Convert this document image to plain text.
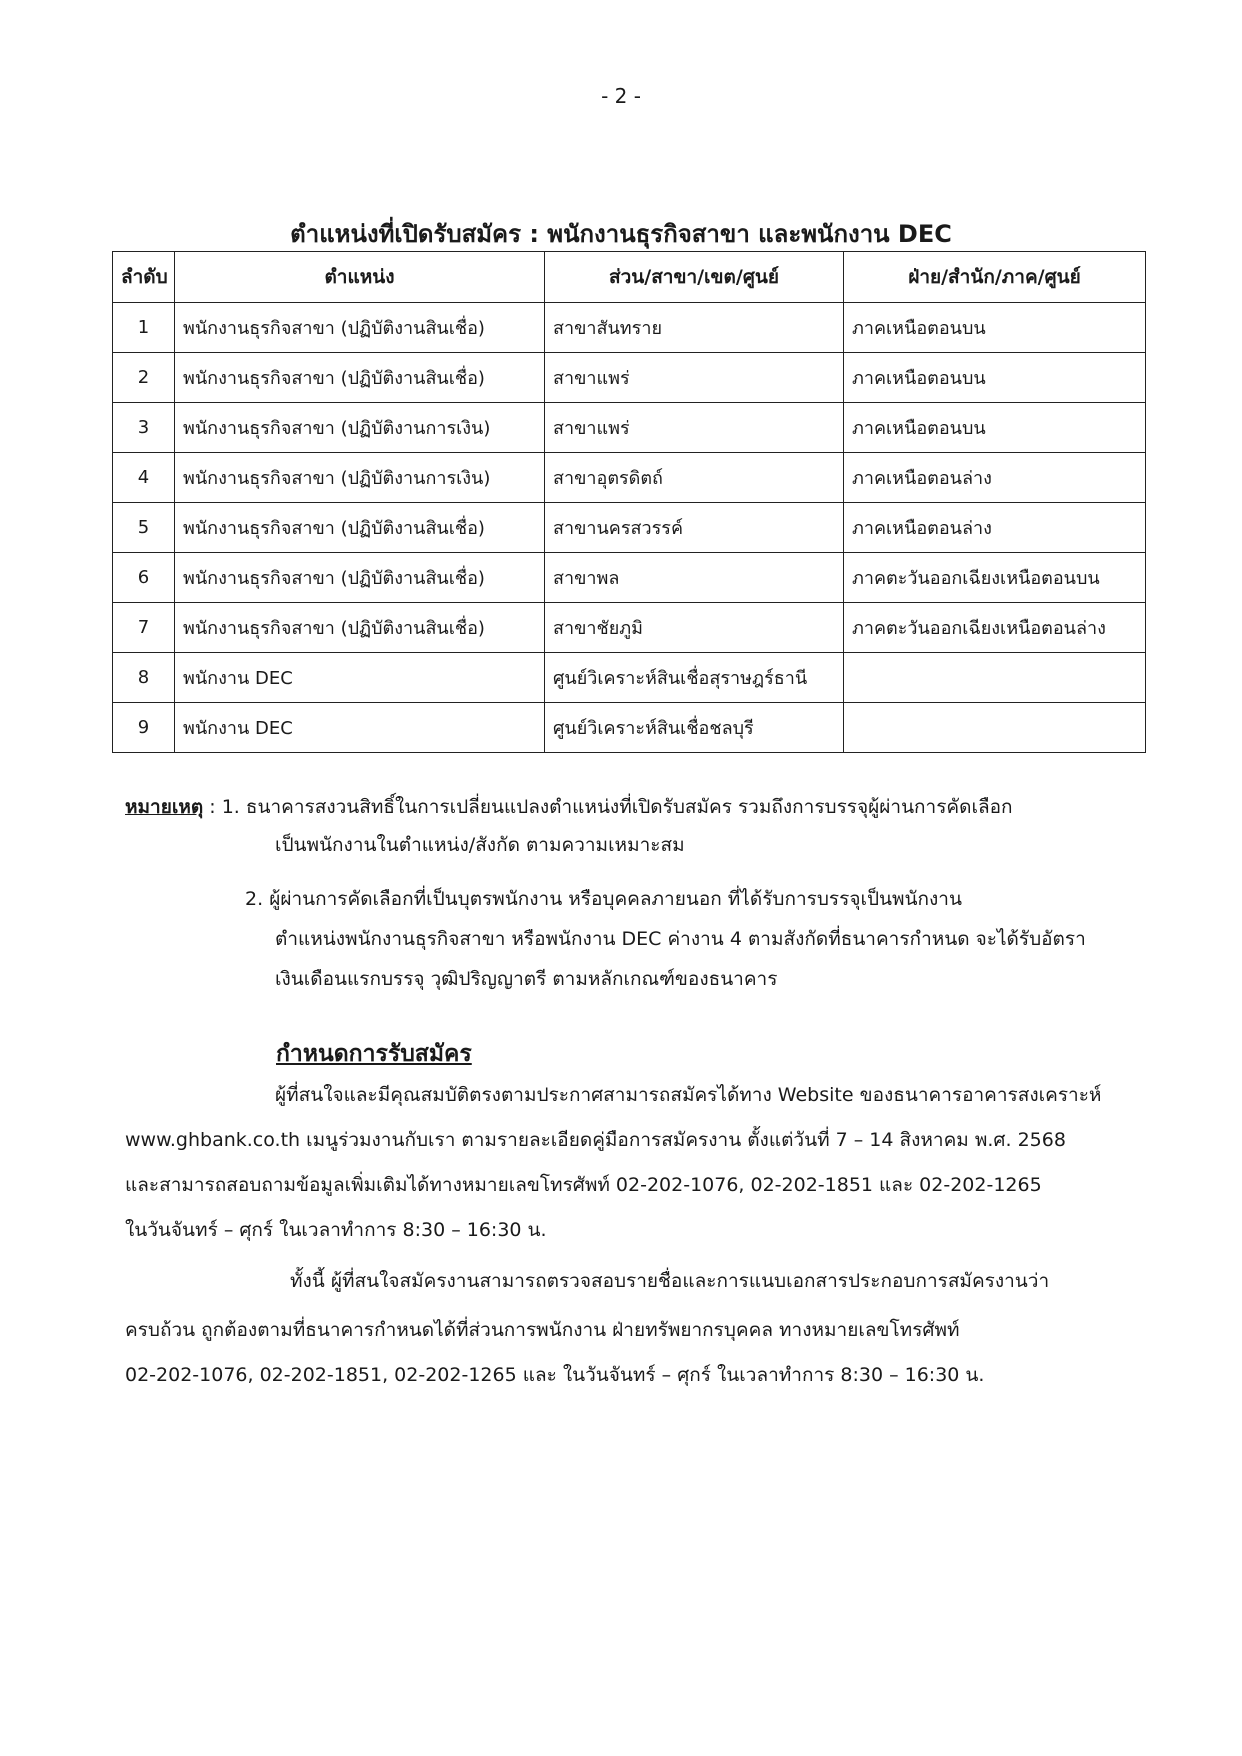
- 2 -
ตำแหน่งที่เปิดรับสมัคร : พนักงานธุรกิจสาขา และพนักงาน DEC
ลำดับ	ตำแหน่ง	ส่วน/สาขา/เขต/ศูนย์	ฝ่าย/สำนัก/ภาค/ศูนย์
1	พนักงานธุรกิจสาขา (ปฏิบัติงานสินเชื่อ)	สาขาสันทราย	ภาคเหนือตอนบน
2	พนักงานธุรกิจสาขา (ปฏิบัติงานสินเชื่อ)	สาขาแพร่	ภาคเหนือตอนบน
3	พนักงานธุรกิจสาขา (ปฏิบัติงานการเงิน)	สาขาแพร่	ภาคเหนือตอนบน
4	พนักงานธุรกิจสาขา (ปฏิบัติงานการเงิน)	สาขาอุตรดิตถ์	ภาคเหนือตอนล่าง
5	พนักงานธุรกิจสาขา (ปฏิบัติงานสินเชื่อ)	สาขานครสวรรค์	ภาคเหนือตอนล่าง
6	พนักงานธุรกิจสาขา (ปฏิบัติงานสินเชื่อ)	สาขาพล	ภาคตะวันออกเฉียงเหนือตอนบน
7	พนักงานธุรกิจสาขา (ปฏิบัติงานสินเชื่อ)	สาขาชัยภูมิ	ภาคตะวันออกเฉียงเหนือตอนล่าง
8	พนักงาน DEC	ศูนย์วิเคราะห์สินเชื่อสุราษฎร์ธานี	
9	พนักงาน DEC	ศูนย์วิเคราะห์สินเชื่อชลบุรี	
หมายเหตุ : 1. ธนาคารสงวนสิทธิ์ในการเปลี่ยนแปลงตำแหน่งที่เปิดรับสมัคร รวมถึงการบรรจุผู้ผ่านการคัดเลือก
เป็นพนักงานในตำแหน่ง/สังกัด ตามความเหมาะสม
2. ผู้ผ่านการคัดเลือกที่เป็นบุตรพนักงาน หรือบุคคลภายนอก ที่ได้รับการบรรจุเป็นพนักงาน
ตำแหน่งพนักงานธุรกิจสาขา หรือพนักงาน DEC ค่างาน 4 ตามสังกัดที่ธนาคารกำหนด จะได้รับอัตรา
เงินเดือนแรกบรรจุ วุฒิปริญญาตรี ตามหลักเกณฑ์ของธนาคาร
กำหนดการรับสมัคร
ผู้ที่สนใจและมีคุณสมบัติตรงตามประกาศสามารถสมัครได้ทาง Website ของธนาคารอาคารสงเคราะห์
www.ghbank.co.th เมนูร่วมงานกับเรา ตามรายละเอียดคู่มือการสมัครงาน ตั้งแต่วันที่ 7 – 14 สิงหาคม พ.ศ. 2568
และสามารถสอบถามข้อมูลเพิ่มเติมได้ทางหมายเลขโทรศัพท์ 02-202-1076, 02-202-1851 และ 02-202-1265
ในวันจันทร์ – ศุกร์ ในเวลาทำการ 8:30 – 16:30 น.
ทั้งนี้ ผู้ที่สนใจสมัครงานสามารถตรวจสอบรายชื่อและการแนบเอกสารประกอบการสมัครงานว่า
ครบถ้วน ถูกต้องตามที่ธนาคารกำหนดได้ที่ส่วนการพนักงาน ฝ่ายทรัพยากรบุคคล ทางหมายเลขโทรศัพท์
02-202-1076, 02-202-1851, 02-202-1265 และ ในวันจันทร์ – ศุกร์ ในเวลาทำการ 8:30 – 16:30 น.
